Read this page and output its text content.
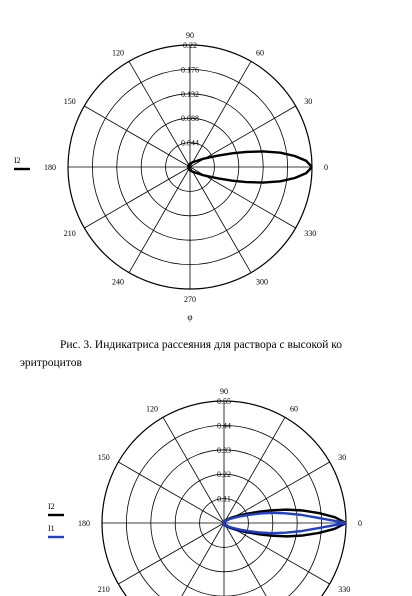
0.044
0.088
0.132
0.176
0.22
0
30
60
90
120
150
180
210
240
270
300
330
φ
I2
0.11
0.22
0.33
0.44
0.55
0
30
60
90
120
150
180
210	330
I2
I1
Рис. 3. Индикатриса рассеяния для раствора с высокой ко
эритроцитов
